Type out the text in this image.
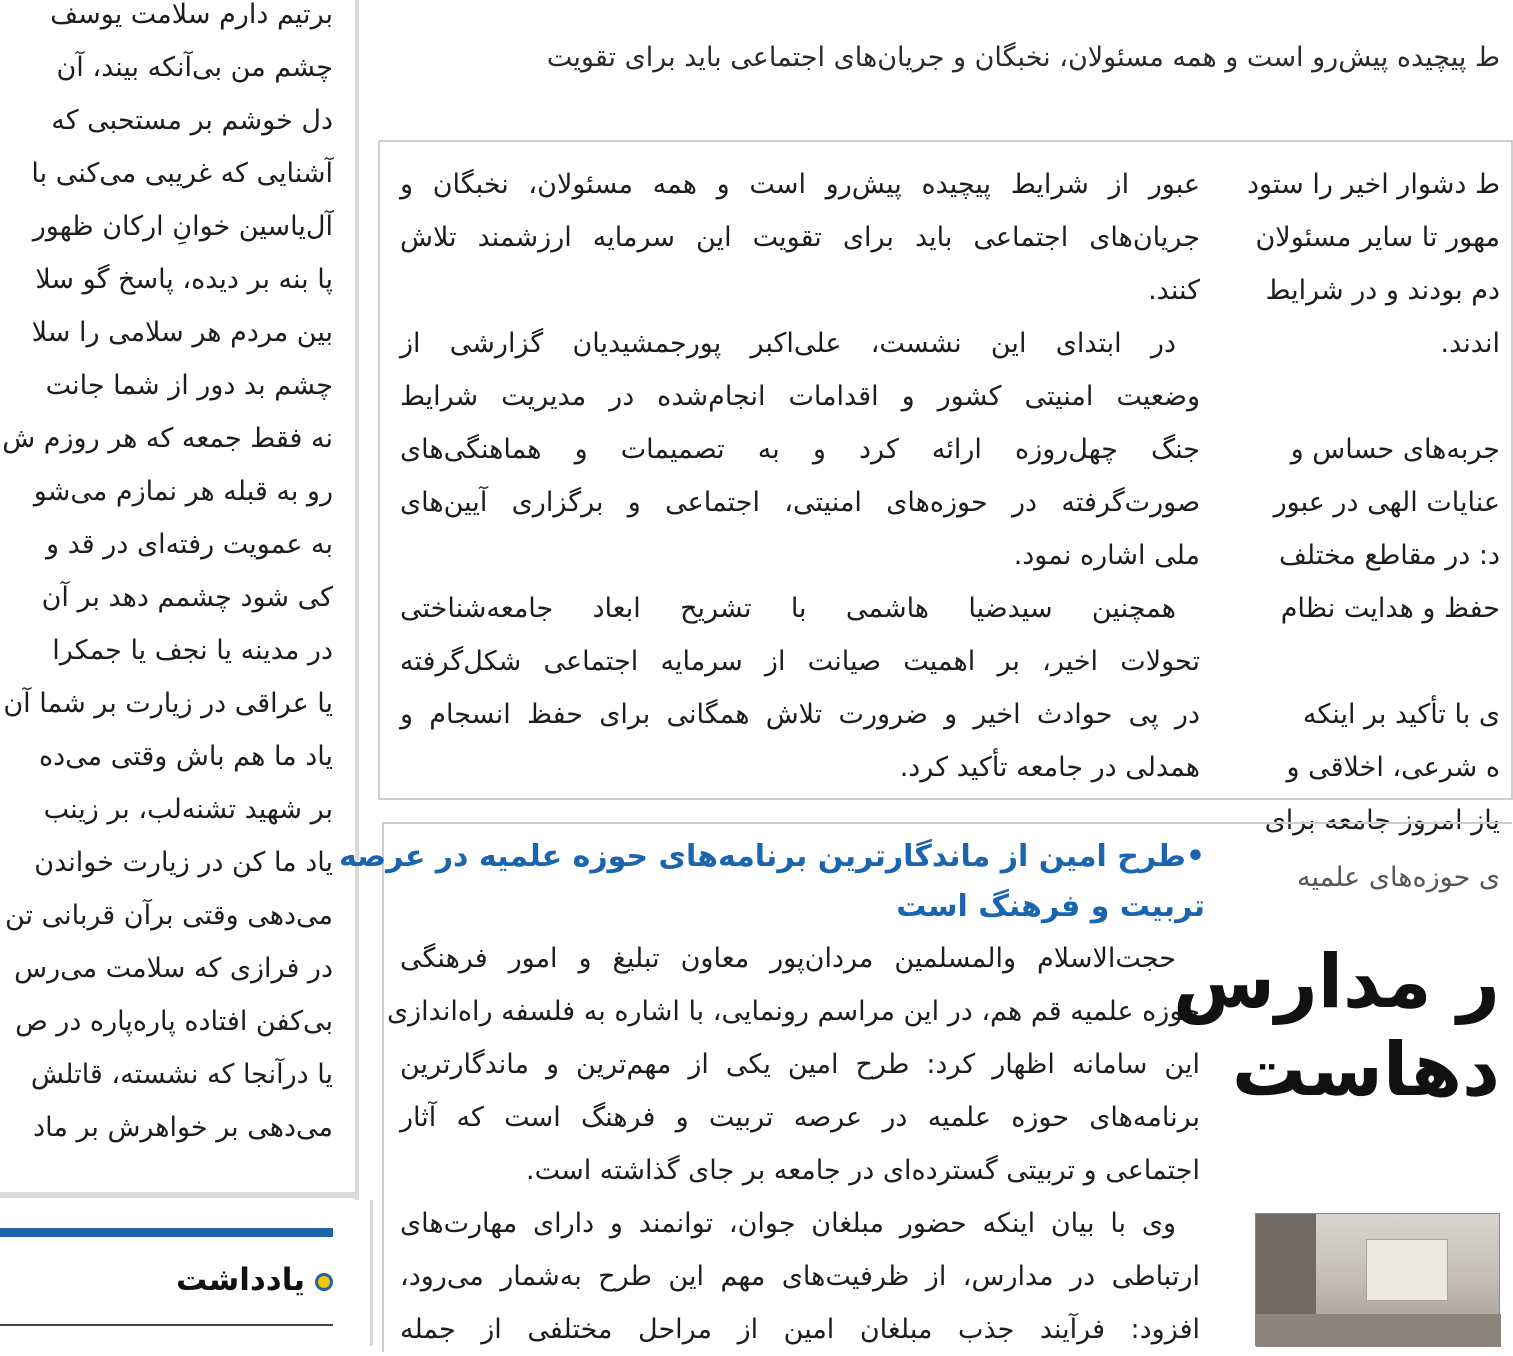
ط پیچیده پیش‌رو است و همه مسئولان، نخبگان و جریان‌های اجتماعی باید برای تقویت
برتیم دارم سلامت یوسف
چشم من بی‌آنکه بیند، آن
دل خوشم بر مستحبی که
آشنایی که غریبی می‌کنی با
آل‌یاسین خوانِ ارکان ظهور
پا بنه بر دیده، پاسخ گو سلا
بین مردم هر سلامی را سلا
چشم بد دور از شما جانت
نه فقط جمعه که هر روزم ش
رو به قبله هر نمازم می‌شو
به عمویت رفته‌ای در قد و
کی شود چشمم دهد بر آن
در مدینه یا نجف یا جمکرا
یا عراقی در زیارت بر شما آن
یاد ما هم باش وقتی می‌ده
بر شهید تشنه‌لب، بر زینب
یاد ما کن در زیارت خواندن
می‌دهی وقتی برآن قربانی تن
در فرازی که سلامت می‌رس
بی‌کفن افتاده پاره‌پاره در ص
یا درآنجا که نشسته، قاتلش
می‌دهی بر خواهرش بر ماد
یادداشت
عبور از شرایط پیچیده پیش‌رو است و همه مسئولان، نخبگان و
جریان‌های اجتماعی باید برای تقویت این سرمایه ارزشمند تلاش
کنند.
در ابتدای این نشست، علی‌اکبر پورجمشیدیان گزارشی از
وضعیت امنیتی کشور و اقدامات انجام‌شده در مدیریت شرایط
جنگ چهل‌روزه ارائه کرد و به تصمیمات و هماهنگی‌های
صورت‌گرفته در حوزه‌های امنیتی، اجتماعی و برگزاری آیین‌های
ملی اشاره نمود.
همچنین سیدضیا هاشمی با تشریح ابعاد جامعه‌شناختی
تحولات اخیر، بر اهمیت صیانت از سرمایه اجتماعی شکل‌گرفته
در پی حوادث اخیر و ضرورت تلاش همگانی برای حفظ انسجام و
همدلی در جامعه تأکید کرد.
ط دشوار اخیر را ستود
مهور تا سایر مسئولان
دم بودند و در شرایط
اندند.
جربه‌های حساس و
عنایات الهی در عبور
د: در مقاطع مختلف
حفظ و هدایت نظام
ی با تأکید بر اینکه
ه شرعی، اخلاقی و
یاز امروز جامعه برای
•طرح امین از ماندگارترین برنامه‌های حوزه علمیه در عرصه
تربیت و فرهنگ است
حجت‌الاسلام والمسلمین مردان‌پور معاون تبلیغ و امور فرهنگی
حوزه علمیه قم هم، در این مراسم رونمایی، با اشاره به فلسفه راه‌اندازی
این سامانه اظهار کرد: طرح امین یکی از مهم‌ترین و ماندگارترین
برنامه‌های حوزه علمیه در عرصه تربیت و فرهنگ است که آثار
اجتماعی و تربیتی گسترده‌ای در جامعه بر جای گذاشته است.
وی با بیان اینکه حضور مبلغان جوان، توانمند و دارای مهارت‌های
ارتباطی در مدارس، از ظرفیت‌های مهم این طرح به‌شمار می‌رود،
افزود: فرآیند جذب مبلغان امین از مراحل مختلفی از جمله
ی حوزه‌های علمیه
ر مدارس
دهاست
